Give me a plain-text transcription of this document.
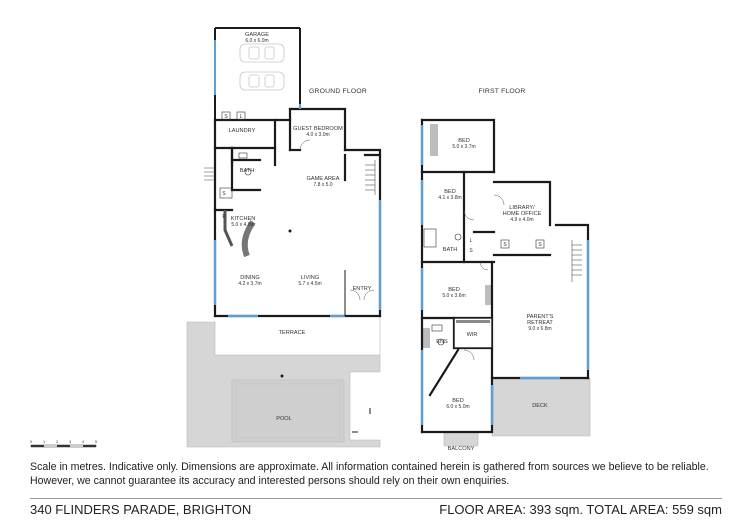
GARAGE
6.0 x 6.0m
GROUND FLOOR
LAUNDRY	GUEST BEDROOM
4.0 x 3.0m
BATH
GAME AREA
7.8 x 5.0
KITCHEN
5.0 x 4.0m
DINING
4.2 x 3.7m
LIVING
5.7 x 4.5m
ENTRY
TERRACE
POOL
S L
S
P
FIRST FLOOR
BED
5.0 x 3.7m
BED
4.1 x 3.8m
LIBRARY/
HOME OFFICE
4.9 x 4.0m
BATH
BED
5.0 x 3.6m
PARENT'S
RETREAT
9.0 x 6.8m
WIR
ENS
BED
6.0 x 5.0m	DECK
BALCONY
L
S
S	S
0	1	2	3	4	5
Scale in metres. Indicative only. Dimensions are approximate. All information contained herein is gathered from sources we believe to be reliable. However, we cannot guarantee its accuracy and interested persons should rely on their own enquiries.
340 FLINDERS PARADE, BRIGHTON	FLOOR AREA: 393 sqm. TOTAL AREA: 559 sqm
